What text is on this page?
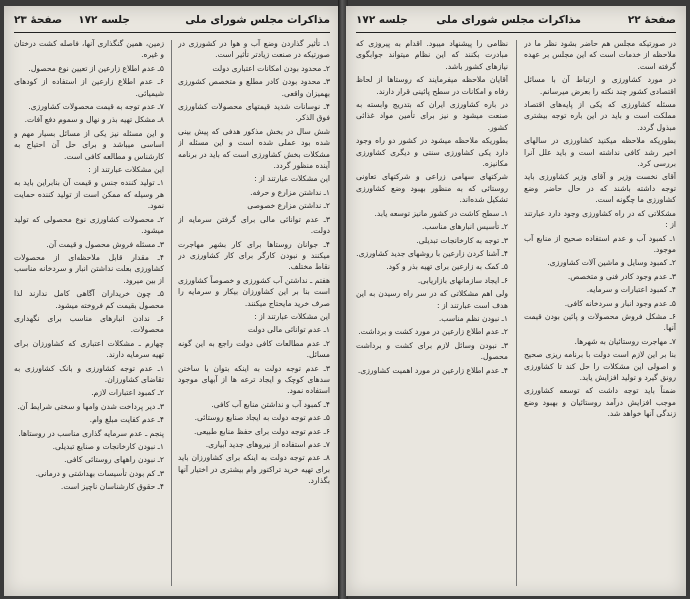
مذاکرات مجلس شورای ملی
جلسه ۱۷۲
صفحهٔ ۲۳

۱ـ تأثیر گذاردن وضع آب و هوا در کشورزی در صورتیکه در صنعت زیادتر تأثیر است.

۲ـ محدود بودن امکانات اعتباری دولت

۳ـ محدود بودن کادر مطلع و متخصص کشورزی بهمیزان واقعی.

۴ـ نوسانات شدید قیمتهای محصولات کشاورزی فوق الذکر.

شش سال در بخش مذکور هدفی که پیش بینی شده بود عملی شده است و این مسئله از مشکلات بخش کشاورزی است که باید در برنامه آینده منظور گردد.

این مشکلات عبارتند از :

۱ـ نداشتن مزارع و حرفه.

۲ـ نداشتن مزارع خصوصی

۳ـ عدم توانائی مالی برای گرفتن سرمایه از دولت.

۴ـ جوانان روستاها برای کار بشهر مهاجرت میکنند و نبودن کارگر برای کار کشاورزی در نقاط مختلف.

هفتم ـ نداشتن آب کشورزی و خصوصاً کشاورزی است بنا بر این کشاورزان بیکار و سرمایه را صرف خرید مایحتاج میکنند.

این مشکلات عبارتند از :

۱ـ عدم توانائی مالی دولت

۲ـ عدم مطالعات کافی دولت راجع به این گونه مسائل.

۳ـ عدم توجه دولت به اینکه بتوان با ساختن سدهای کوچک و ایجاد ترعه ها از آبهای موجود استفاده نمود.

۴ـ کمبود آب و نداشتن منابع آب کافی.

۵ـ عدم توجه دولت به ایجاد صنایع روستائی.

۶ـ عدم توجه دولت برای حفظ منابع طبیعی.

۷ـ عدم استفاده از نیروهای جدید آبیاری.

۸ـ عدم توجه دولت به اینکه برای کشاورزان باید برای تهیه خرید تراکتور وام بیشتری در اختیار آنها بگذارد.

زمین، همین گنگذاری آنها، فاصله کشت درختان و غیره.

۵ـ عدم اطلاع زارعین از تعیین نوع محصول.

۶ـ عدم اطلاع زارعین از استفاده از کودهای شیمیائی.

۷ـ عدم توجه به قیمت محصولات کشاورزی.

۸ـ مشکل تهیه بذر و نهال و سموم دفع آفات.

و این مسئله نیز یکی از مسائل بسیار مهم و اساسی میباشد و برای حل آن احتیاج به کارشناس و مطالعه کافی است.

این مشکلات عبارتند از :

۱ـ تولید کننده جنس و قیمت آن بنابراین باید به هر وسیله که ممکن است از تولید کننده حمایت نمود.

۲ـ محصولات کشاورزی نوع محصولی که تولید میشود.

۳ـ مسئله فروش محصول و قیمت آن.

۴ـ مقدار قابل ملاحظه‌ای از محصولات کشاورزی بعلت نداشتن انبار و سردخانه مناسب از بین میرود.

۵ـ چون خریداران آگاهی کامل ندارند لذا محصول بقیمت کم فروخته میشود.

۶ـ ندادن انبارهای مناسب برای نگهداری محصولات.

چهارم ـ مشکلات اعتباری که کشاورزان برای تهیه سرمایه دارند.

۱ـ عدم توجه کشاورزی و بانک کشاورزی به تقاضای کشاورزان.

۲ـ کمبود اعتبارات لازم.

۳ـ دیر پرداخت شدن وامها و سختی شرایط آن.

۴ـ عدم کفایت مبلغ وام.

پنجم ـ عدم سرمایه گذاری مناسب در روستاها.

۱ـ نبودن کارخانجات و صنایع تبدیلی.

۲ـ نبودن راههای روستائی کافی.

۳ـ کم بودن تأسیسات بهداشتی و درمانی.

۴ـ حقوق کارشناسان ناچیز است.

صفحهٔ ۲۲
مذاکرات مجلس شورای ملی
جلسه ۱۷۲

در صورتیکه مجلس هم حاضر بشود نظر ما در ملاحظه از خدمات است که این مجلس بر عهده گرفته است.

در مورد کشاورزی و ارتباط آن با مسائل اقتصادی کشور چند نکته را بعرض میرسانم.

مسئله کشاورزی که یکی از پایه‌های اقتصاد مملکت است و باید در این باره توجه بیشتری مبذول گردد.

بطوریکه ملاحظه میکنید کشاورزی در سالهای اخیر رشد کافی نداشته است و باید علل آنرا بررسی کرد.

آقای نخست وزیر و آقای وزیر کشاورزی باید توجه داشته باشند که در حال حاضر وضع کشاورزی ما چگونه است.

مشکلاتی که در راه کشاورزی وجود دارد عبارتند از :

۱ـ کمبود آب و عدم استفاده صحیح از منابع آب موجود.

۲ـ کمبود وسایل و ماشین آلات کشاورزی.

۳ـ عدم وجود کادر فنی و متخصص.

۴ـ کمبود اعتبارات و سرمایه.

۵ـ عدم وجود انبار و سردخانه کافی.

۶ـ مشکل فروش محصولات و پائین بودن قیمت آنها.

۷ـ مهاجرت روستائیان به شهرها.

بنا بر این لازم است دولت با برنامه ریزی صحیح و اصولی این مشکلات را حل کند تا کشاورزی رونق گیرد و تولید افزایش یابد.

ضمناً باید توجه داشت که توسعه کشاورزی موجب افزایش درآمد روستائیان و بهبود وضع زندگی آنها خواهد شد.

نظامی را پیشنهاد میبود. اقدام به پیروزی که مبادرت بکنند که این نظام میتواند جوابگوی نیازهای کشور باشد.

آقایان ملاحظه میفرمایند که روستاها از لحاظ رفاه و امکانات در سطح پائینی قرار دارند.

در باره کشاورزی ایران که بتدریج وابسته به صنعت میشود و نیز برای تأمین مواد غذائی کشور.

بطوریکه ملاحظه میشود در کشور دو راه وجود دارد یکی کشاورزی سنتی و دیگری کشاورزی مکانیزه.

شرکتهای سهامی زراعی و شرکتهای تعاونی روستائی که به منظور بهبود وضع کشاورزی تشکیل شده‌اند.

۱ـ سطح کاشت در کشور مانیز توسعه یابد.

۲ـ تأسیس انبارهای مناسب.

۳ـ توجه به کارخانجات تبدیلی.

۴ـ آشنا کردن زارعین با روشهای جدید کشاورزی.

۵ـ کمک به زارعین برای تهیه بذر و کود.

۶ـ ایجاد سازمانهای بازاریابی.

ولی اهم مشکلاتی که در سر راه رسیدن به این هدف است عبارتند از :

۱ـ نبودن نظم مناسب.

۲ـ عدم اطلاع زارعین در مورد کشت و برداشت.

۳ـ نبودن وسائل لازم برای کشت و برداشت محصول.

۴ـ عدم اطلاع زارعین در مورد اهمیت کشاورزی.
